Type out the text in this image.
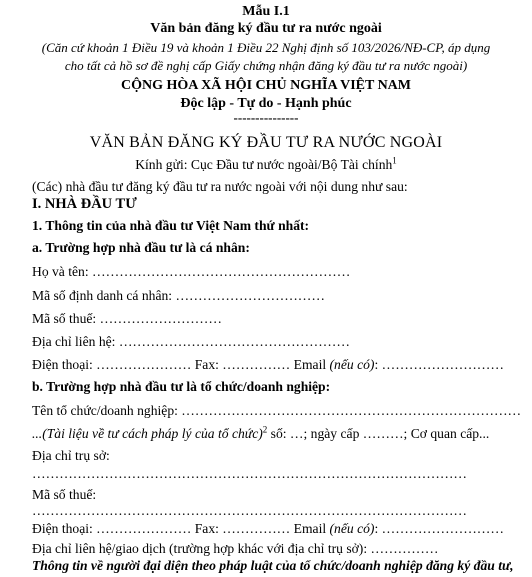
Mẫu I.1
Văn bản đăng ký đầu tư ra nước ngoài
(Căn cứ khoản 1 Điều 19 và khoản 1 Điều 22 Nghị định số 103/2026/NĐ-CP, áp dụng
cho tất cả hồ sơ đề nghị cấp Giấy chứng nhận đăng ký đầu tư ra nước ngoài)
CỘNG HÒA XÃ HỘI CHỦ NGHĨA VIỆT NAM
Độc lập - Tự do - Hạnh phúc
---------------
VĂN BẢN ĐĂNG KÝ ĐẦU TƯ RA NƯỚC NGOÀI
Kính gửi: Cục Đầu tư nước ngoài/Bộ Tài chính$^1$
(Các) nhà đầu tư đăng ký đầu tư ra nước ngoài với nội dung như sau:
I. NHÀ ĐẦU TƯ
1. Thông tin của nhà đầu tư Việt Nam thứ nhất:
a. Trường hợp nhà đầu tư là cá nhân:
Họ và tên: …………………………………………………
Mã số định danh cá nhân: ……………………………
Mã số thuế: ………………………
Địa chỉ liên hệ: ……………………………………………
Điện thoại: ………………… Fax: …………… Email (nếu có): ………………………
b. Trường hợp nhà đầu tư là tổ chức/doanh nghiệp:
Tên tổ chức/doanh nghiệp: …………………………………………………………………
...(Tài liệu về tư cách pháp lý của tổ chức)$^2$ số: …; ngày cấp ………; Cơ quan cấp...
Địa chỉ trụ sở:
……………………………………………………………………………………
Mã số thuế:
……………………………………………………………………………………
Điện thoại: ………………… Fax: …………… Email (nếu có): ………………………
Địa chỉ liên hệ/giao dịch (trường hợp khác với địa chỉ trụ sở): ……………
Thông tin về người đại diện theo pháp luật của tổ chức/doanh nghiệp đăng ký đầu tư,
